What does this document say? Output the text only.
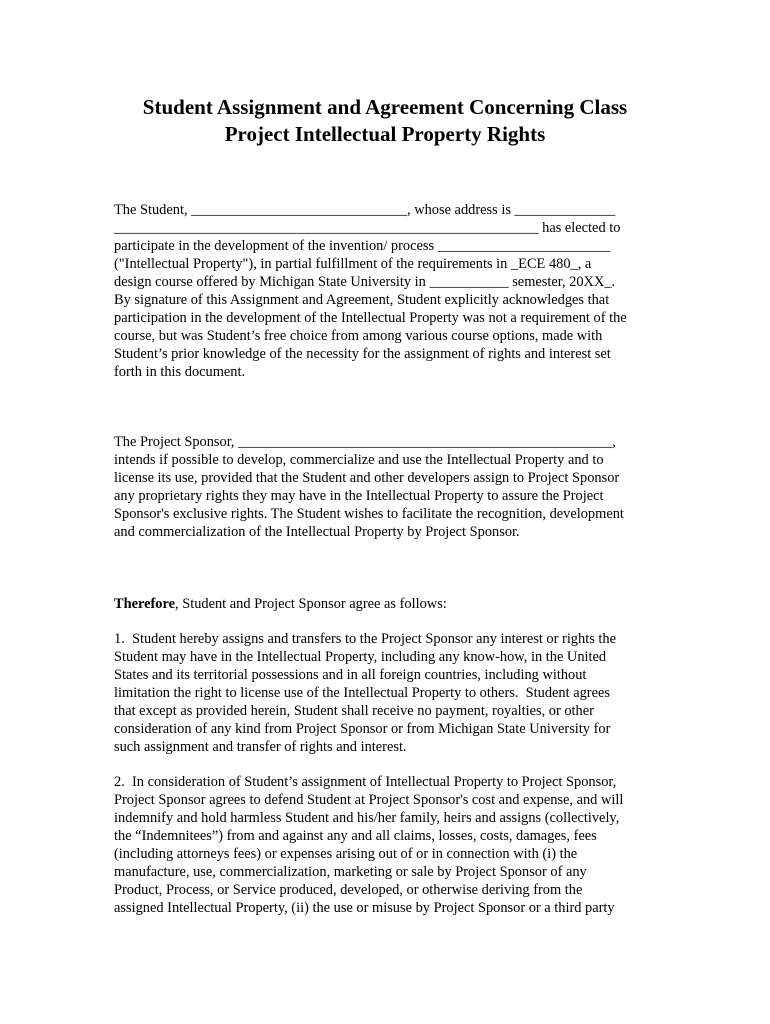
Student Assignment and Agreement Concerning Class
Project Intellectual Property Rights
The Student, ______________________________, whose address is ______________
___________________________________________________________ has elected to
participate in the development of the invention/ process ________________________
("Intellectual Property"), in partial fulfillment of the requirements in _ECE 480_, a
design course offered by Michigan State University in ___________ semester, 20XX_.
By signature of this Assignment and Agreement, Student explicitly acknowledges that
participation in the development of the Intellectual Property was not a requirement of the
course, but was Student’s free choice from among various course options, made with
Student’s prior knowledge of the necessity for the assignment of rights and interest set
forth in this document.
The Project Sponsor, ____________________________________________________,
intends if possible to develop, commercialize and use the Intellectual Property and to
license its use, provided that the Student and other developers assign to Project Sponsor
any proprietary rights they may have in the Intellectual Property to assure the Project
Sponsor's exclusive rights. The Student wishes to facilitate the recognition, development
and commercialization of the Intellectual Property by Project Sponsor.
Therefore, Student and Project Sponsor agree as follows:
1.  Student hereby assigns and transfers to the Project Sponsor any interest or rights the
Student may have in the Intellectual Property, including any know-how, in the United
States and its territorial possessions and in all foreign countries, including without
limitation the right to license use of the Intellectual Property to others.  Student agrees
that except as provided herein, Student shall receive no payment, royalties, or other
consideration of any kind from Project Sponsor or from Michigan State University for
such assignment and transfer of rights and interest.
2.  In consideration of Student’s assignment of Intellectual Property to Project Sponsor,
Project Sponsor agrees to defend Student at Project Sponsor's cost and expense, and will
indemnify and hold harmless Student and his/her family, heirs and assigns (collectively,
the “Indemnitees”) from and against any and all claims, losses, costs, damages, fees
(including attorneys fees) or expenses arising out of or in connection with (i) the
manufacture, use, commercialization, marketing or sale by Project Sponsor of any
Product, Process, or Service produced, developed, or otherwise deriving from the
assigned Intellectual Property, (ii) the use or misuse by Project Sponsor or a third party
